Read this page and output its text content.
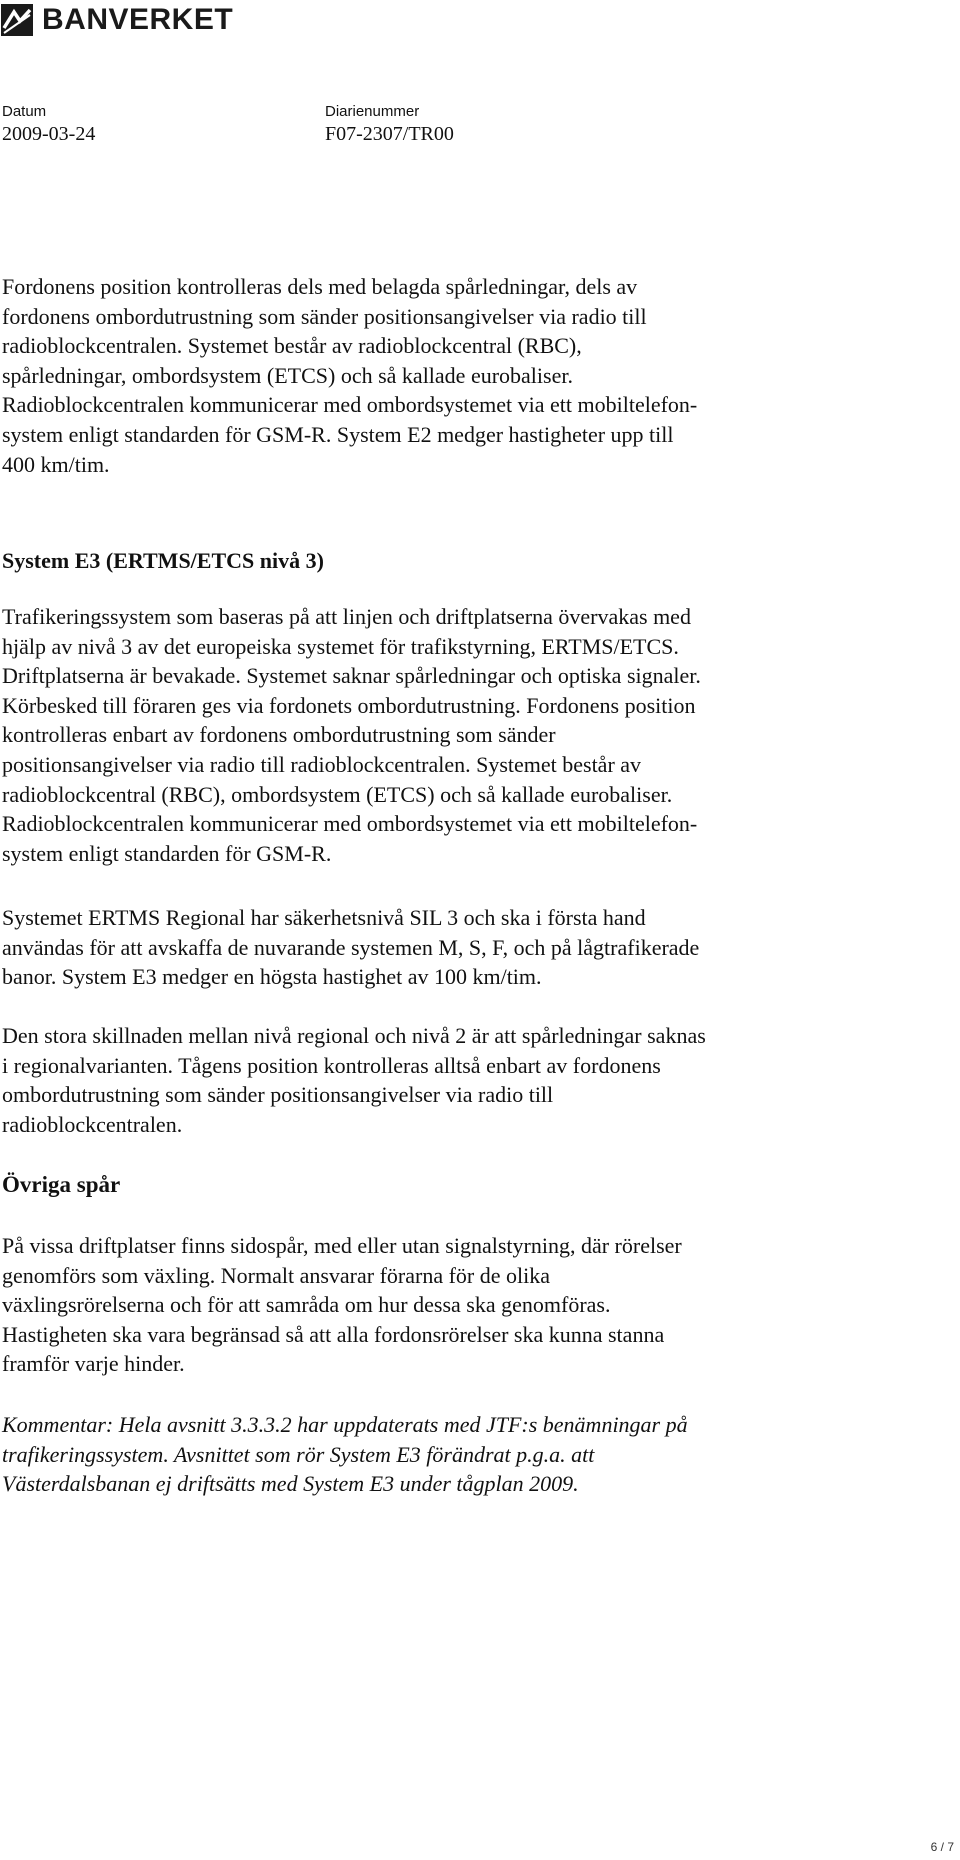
BANVERKET
Datum
2009-03-24
Diarienummer
F07-2307/TR00

Fordonens position kontrolleras dels med belagda spårledningar, dels av
fordonens ombordutrustning som sänder positionsangivelser via radio till
radioblockcentralen. Systemet består av radioblockcentral (RBC),
spårledningar, ombordsystem (ETCS) och så kallade eurobaliser.
Radioblockcentralen kommunicerar med ombordsystemet via ett mobiltelefon-
system enligt standarden för GSM-R. System E2 medger hastigheter upp till
400 km/tim.

System E3 (ERTMS/ETCS nivå 3)

Trafikeringssystem som baseras på att linjen och driftplatserna övervakas med
hjälp av nivå 3 av det europeiska systemet för trafikstyrning, ERTMS/ETCS.
Driftplatserna är bevakade. Systemet saknar spårledningar och optiska signaler.
Körbesked till föraren ges via fordonets ombordutrustning. Fordonens position
kontrolleras enbart av fordonens ombordutrustning som sänder
positionsangivelser via radio till radioblockcentralen. Systemet består av
radioblockcentral (RBC), ombordsystem (ETCS) och så kallade eurobaliser.
Radioblockcentralen kommunicerar med ombordsystemet via ett mobiltelefon-
system enligt standarden för GSM-R.

Systemet ERTMS Regional har säkerhetsnivå SIL 3 och ska i första hand
användas för att avskaffa de nuvarande systemen M, S, F, och på lågtrafikerade
banor. System E3 medger en högsta hastighet av 100 km/tim.

Den stora skillnaden mellan nivå regional och nivå 2 är att spårledningar saknas
i regionalvarianten. Tågens position kontrolleras alltså enbart av fordonens
ombordutrustning som sänder positionsangivelser via radio till
radioblockcentralen.

Övriga spår

På vissa driftplatser finns sidospår, med eller utan signalstyrning, där rörelser
genomförs som växling. Normalt ansvarar förarna för de olika
växlingsrörelserna och för att samråda om hur dessa ska genomföras.
Hastigheten ska vara begränsad så att alla fordonsrörelser ska kunna stanna
framför varje hinder.

Kommentar: Hela avsnitt 3.3.3.2 har uppdaterats med JTF:s benämningar på
trafikeringssystem. Avsnittet som rör System E3 förändrat p.g.a. att
Västerdalsbanan ej driftsätts med System E3 under tågplan 2009.

6 / 7
